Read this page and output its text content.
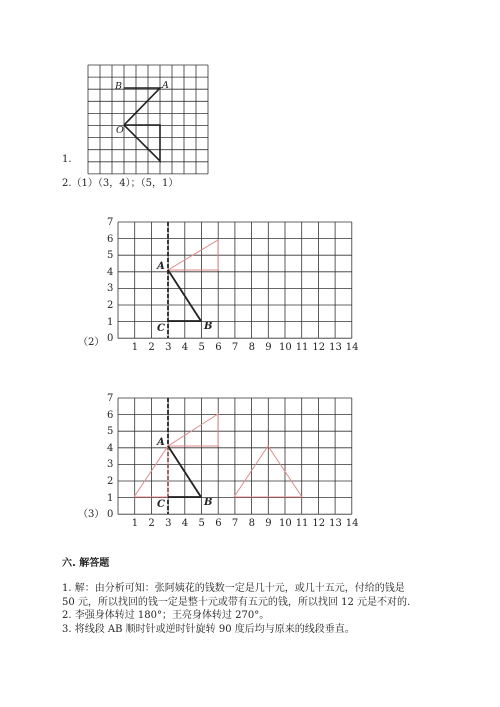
1.
B	A
O
2.（1）（3，4）；（5，1）
0
1
2
3
4
5
6
7
1 2 3 4 5 6 7 8 9 10 11 12 13 14
A
B
C
（2）
0
1
2
3
4
5
6
7
1 2 3 4 5 6 7 8 9 10 11 12 13 14
A
B
C
（3）
六. 解答题
1. 解：由分析可知：张阿姨花的钱数一定是几十元，或几十五元，付给的钱是
50 元，所以找回的钱一定是整十元或带有五元的钱，所以找回 12 元是不对的.
2. 李强身体转过 180°；王亮身体转过 270°。
3. 将线段 AB 顺时针或逆时针旋转 90 度后均与原来的线段垂直。
